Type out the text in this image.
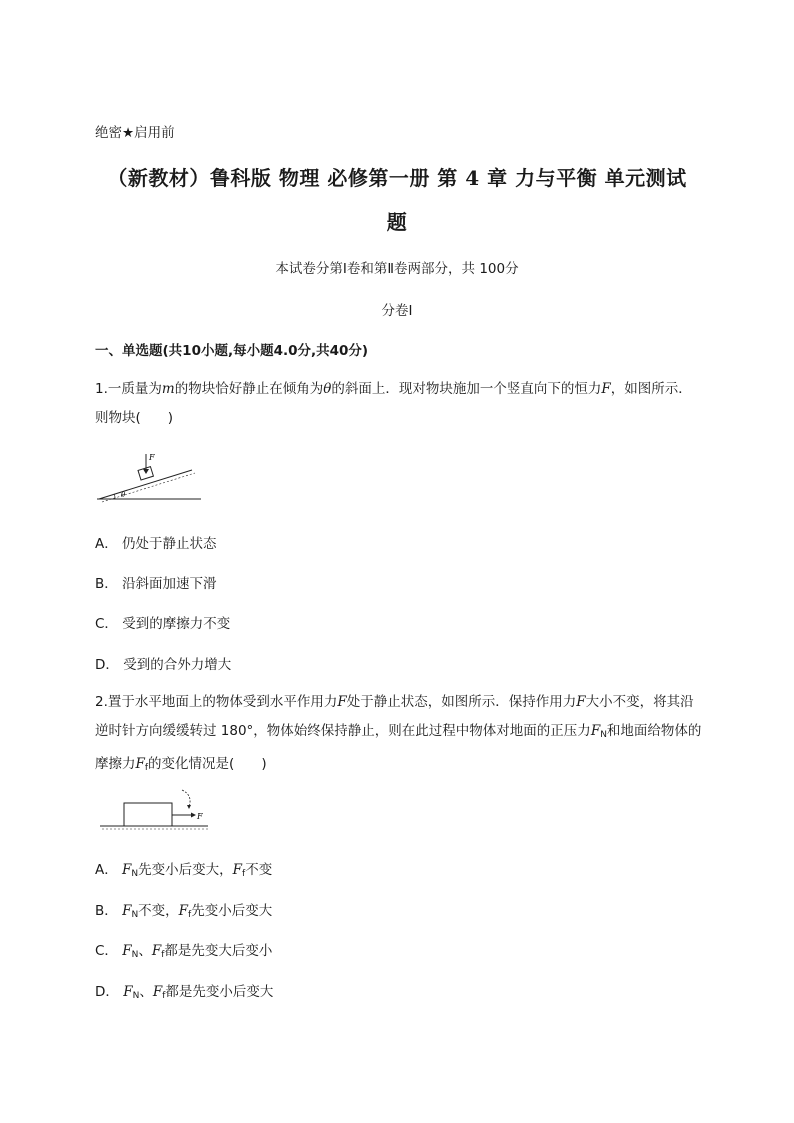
绝密★启用前
（新教材）鲁科版 物理 必修第一册 第 4 章 力与平衡 单元测试
题
本试卷分第Ⅰ卷和第Ⅱ卷两部分，共 100分
分卷I
一、单选题(共10小题,每小题4.0分,共40分)
1.一质量为m的物块恰好静止在倾角为θ的斜面上．现对物块施加一个竖直向下的恒力F，如图所示．则物块(　　)
F
θ
A． 仍处于静止状态
B． 沿斜面加速下滑
C． 受到的摩擦力不变
D． 受到的合外力增大
2.置于水平地面上的物体受到水平作用力F处于静止状态，如图所示．保持作用力F大小不变，将其沿逆时针方向缓缓转过 180°，物体始终保持静止，则在此过程中物体对地面的正压力$F_N$和地面给物体的摩擦力$F_f$的变化情况是(　　)
F
A． $F_N$先变小后变大，$F_f$不变
B． $F_N$不变，$F_f$先变小后变大
C． $F_N$、$F_f$都是先变大后变小
D． $F_N$、$F_f$都是先变小后变大
